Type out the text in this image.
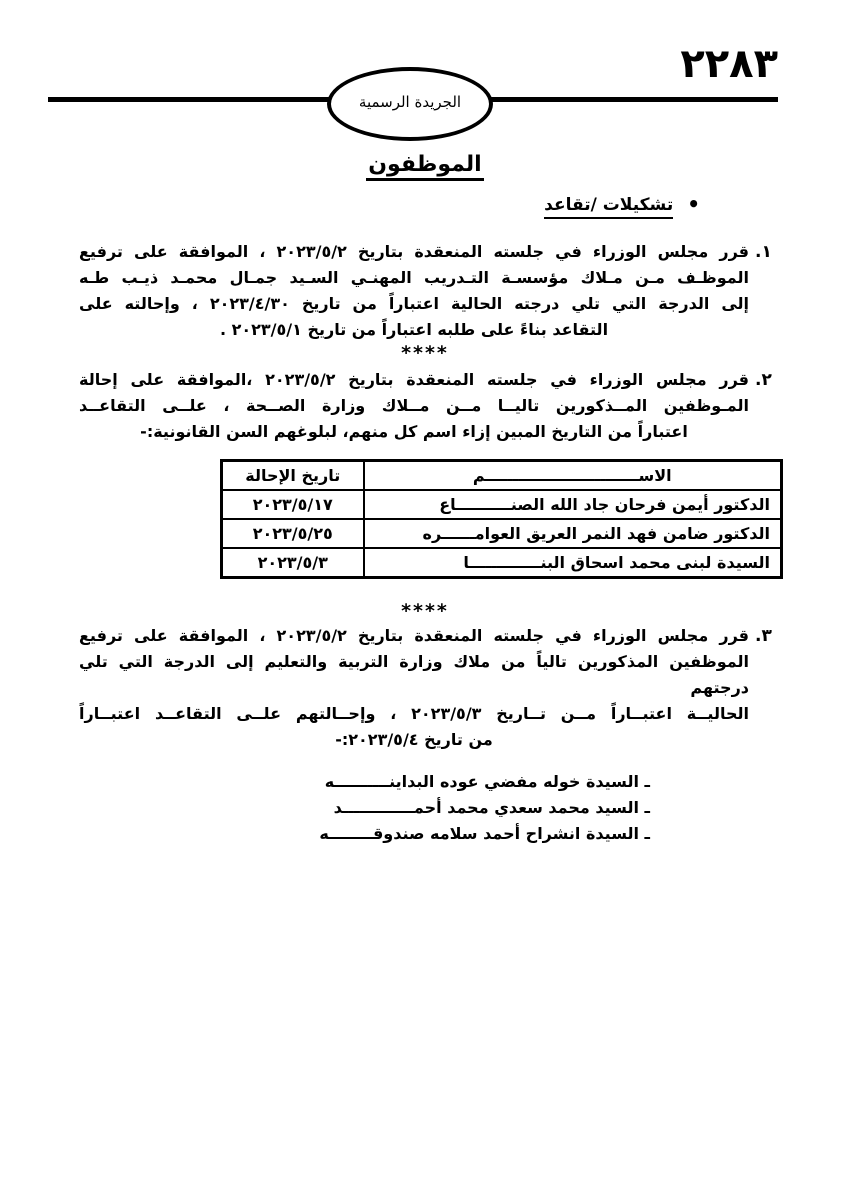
٢٢٨٣
الجريدة الرسمية
الموظفون
•تشكيلات /تقاعد
١.
قرر مجلس الوزراء في جلسته المنعقدة بتاريخ ٢٠٢٣/٥/٢ ، الموافقة على ترفيع
الموظـف مـن مـلاك مؤسسـة التـدريب المهنـي السـيد جمـال محمـد ذيـب طـه
إلى الدرجة التي تلي درجته الحالية اعتباراً من تاريخ ٢٠٢٣/٤/٣٠ ، وإحالته على
التقاعد بناءً على طلبه اعتباراً من تاريخ ٢٠٢٣/٥/١ .
****
٢.
قرر مجلس الوزراء في جلسته المنعقدة بتاريخ ٢٠٢٣/٥/٢ ،الموافقة على إحالة
المـوظفين المــذكورين تاليــا مــن مــلاك وزارة الصــحة ، علــى التقاعــد
اعتباراً من التاريخ المبين إزاء اسم كل منهم، لبلوغهم السن القانونية:-
الاســــــــــــــــــــــــــــم	تاريخ الإحالة
الدكتور أيمن فرحان جاد الله الصنــــــــــاع	٢٠٢٣/٥/١٧
الدكتور ضامن فهد النمر العريق العوامــــــره	٢٠٢٣/٥/٢٥
السيدة لبنى محمد اسحاق البنـــــــــــــا	٢٠٢٣/٥/٣
****
٣.
قرر مجلس الوزراء في جلسته المنعقدة بتاريخ ٢٠٢٣/٥/٢ ، الموافقة على ترفيع
الموظفين المذكورين تالياً من ملاك وزارة التربية والتعليم إلى الدرجة التي تلي درجتهم
الحاليــة اعتبــاراً مــن تــاريخ ٢٠٢٣/٥/٣ ، وإحــالتهم علــى التقاعــد اعتبــاراً
من تاريخ ٢٠٢٣/٥/٤:-
ـ السيدة خوله مفضي عوده البداينــــــــــه
ـ السيد محمد سعدي محمد أحمـــــــــــــد
ـ السيدة انشراح أحمد سلامه صندوقــــــــه
